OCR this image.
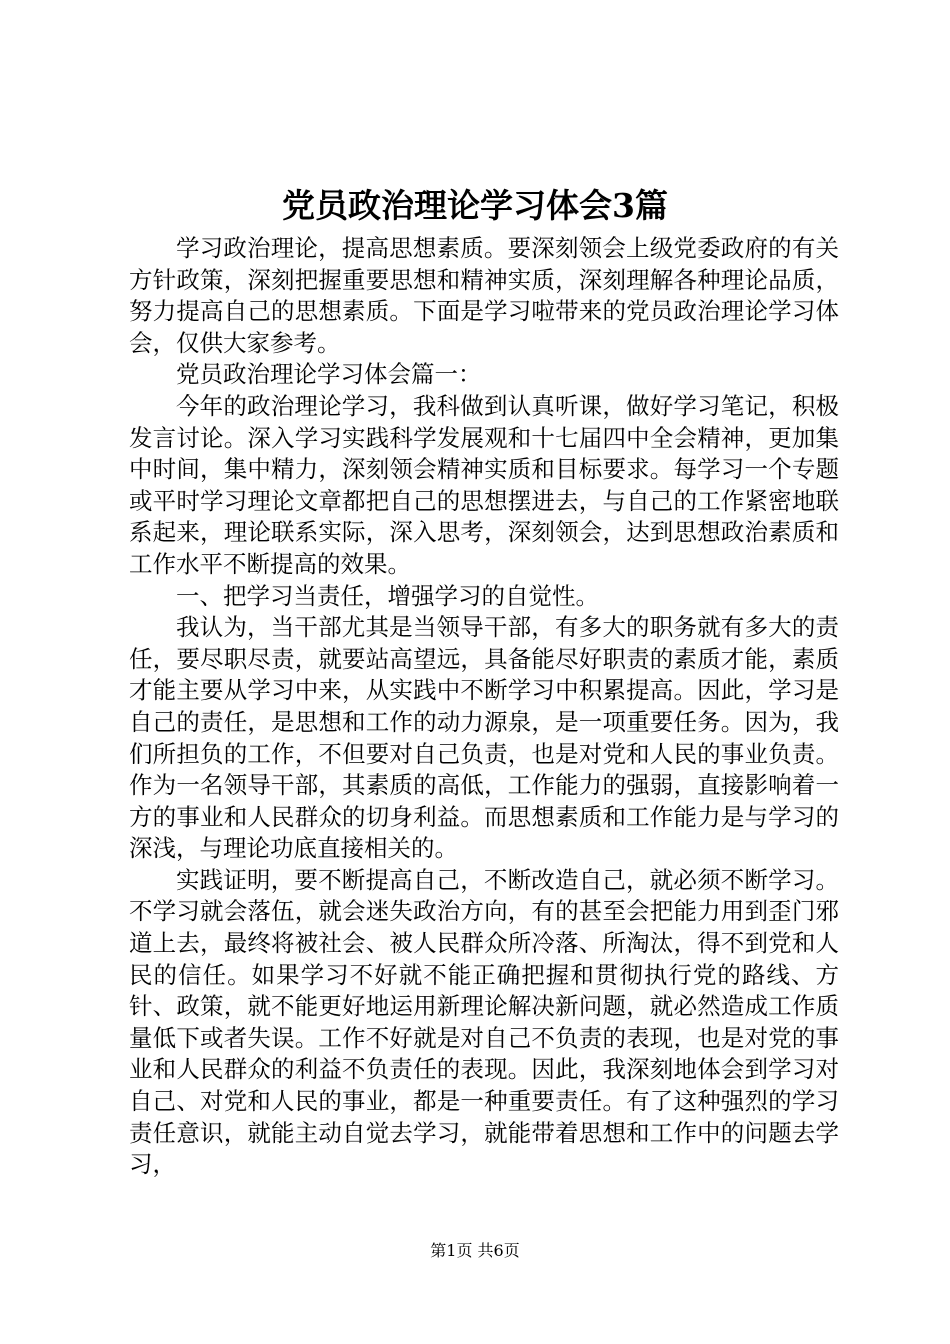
党员政治理论学习体会3篇

学习政治理论，提高思想素质。要深刻领会上级党委政府的有关方针政策，深刻把握重要思想和精神实质，深刻理解各种理论品质，努力提高自己的思想素质。下面是学习啦带来的党员政治理论学习体会，仅供大家参考。

党员政治理论学习体会篇一：

今年的政治理论学习，我科做到认真听课，做好学习笔记，积极发言讨论。深入学习实践科学发展观和十七届四中全会精神，更加集中时间，集中精力，深刻领会精神实质和目标要求。每学习一个专题或平时学习理论文章都把自己的思想摆进去，与自己的工作紧密地联系起来，理论联系实际，深入思考，深刻领会，达到思想政治素质和工作水平不断提高的效果。

一、把学习当责任，增强学习的自觉性。

我认为，当干部尤其是当领导干部，有多大的职务就有多大的责任，要尽职尽责，就要站高望远，具备能尽好职责的素质才能，素质才能主要从学习中来，从实践中不断学习中积累提高。因此，学习是自己的责任，是思想和工作的动力源泉，是一项重要任务。因为，我们所担负的工作，不但要对自己负责，也是对党和人民的事业负责。作为一名领导干部，其素质的高低，工作能力的强弱，直接影响着一方的事业和人民群众的切身利益。而思想素质和工作能力是与学习的深浅，与理论功底直接相关的。

实践证明，要不断提高自己，不断改造自己，就必须不断学习。不学习就会落伍，就会迷失政治方向，有的甚至会把能力用到歪门邪道上去，最终将被社会、被人民群众所冷落、所淘汰，得不到党和人民的信任。如果学习不好就不能正确把握和贯彻执行党的路线、方针、政策，就不能更好地运用新理论解决新问题，就必然造成工作质量低下或者失误。工作不好就是对自己不负责的表现，也是对党的事业和人民群众的利益不负责任的表现。因此，我深刻地体会到学习对自己、对党和人民的事业，都是一种重要责任。有了这种强烈的学习责任意识，就能主动自觉去学习，就能带着思想和工作中的问题去学习，

第1页 共6页
